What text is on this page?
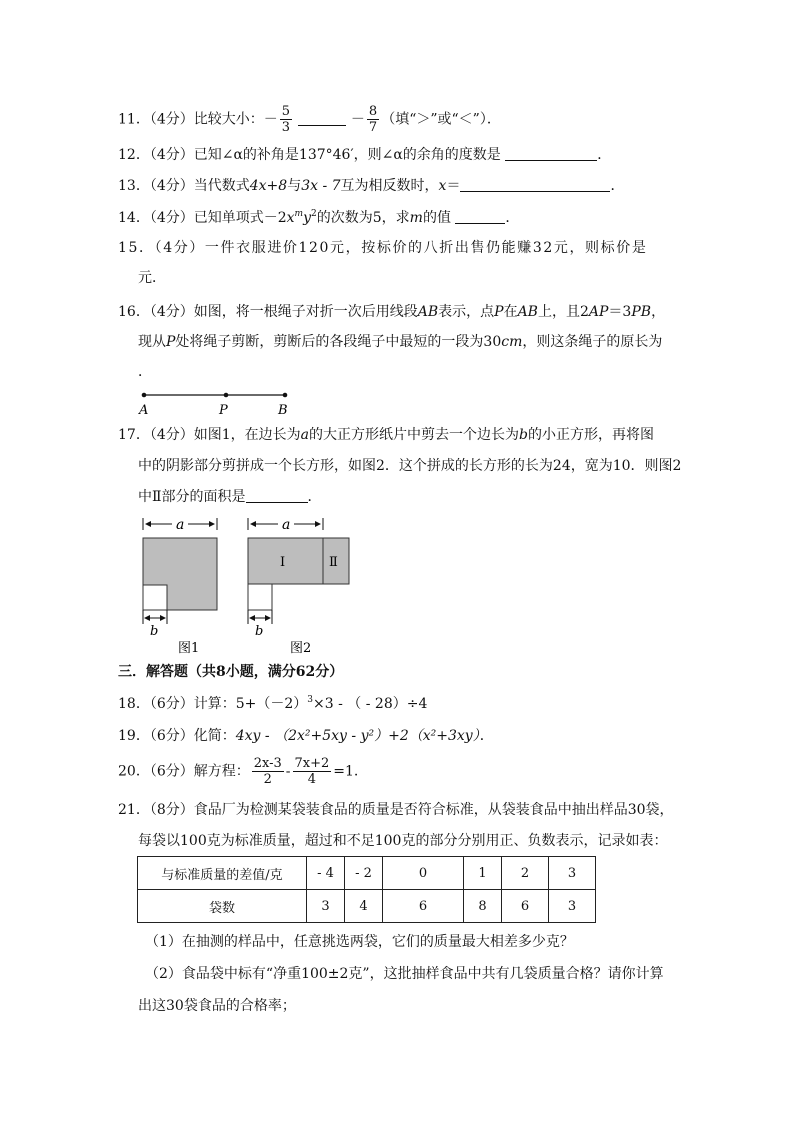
11．（4分）比较大小：－ $\frac{5}{3}$	－ $\frac{8}{7}$ （填“＞”或“＜”）．
12．（4分）已知∠α的补角是137°46′，则∠α的余角的度数是	．
13．（4分）当代数式4x+8与3x - 7互为相反数时，x＝	．
14．（4分）已知单项式$-2x^my^2$的次数为5，求m的值	．
15．（4分）一件衣服进价120元，按标价的八折出售仍能赚32元，则标价是
元．
16．（4分）如图，将一根绳子对折一次后用线段AB表示，点P在AB上，且2AP＝3PB，
现从P处将绳子剪断，剪断后的各段绳子中最短的一段为30cm，则这条绳子的原长为
．
A	P	B
17．（4分）如图1，在边长为a的大正方形纸片中剪去一个边长为b的小正方形，再将图
中的阴影部分剪拼成一个长方形，如图2．这个拼成的长方形的长为24，宽为10．则图2
中Ⅱ部分的面积是	．
a
b
图1
a
Ⅰ	Ⅱ
b
图2
三．解答题（共8小题，满分62分）
18．（6分）计算：$5+(-2)^3\times 3$ - （ - 28）÷4
19．（6分）化简：4xy - （2x²+5xy - y²）+2（x²+3xy）．
20．（6分）解方程： $\frac{2x-3}{2} - \frac{7x+2}{4} =1$.
21．（8分）食品厂为检测某袋装食品的质量是否符合标准，从袋装食品中抽出样品30袋，
每袋以100克为标准质量，超过和不足100克的部分分别用正、负数表示，记录如表：
与标准质量的差值/克	- 4	- 2	0	1	2	3
袋数	3	4	6	8	6	3
（1）在抽测的样品中，任意挑选两袋，它们的质量最大相差多少克？
（2）食品袋中标有“净重100±2克”，这批抽样食品中共有几袋质量合格？请你计算
出这30袋食品的合格率；
